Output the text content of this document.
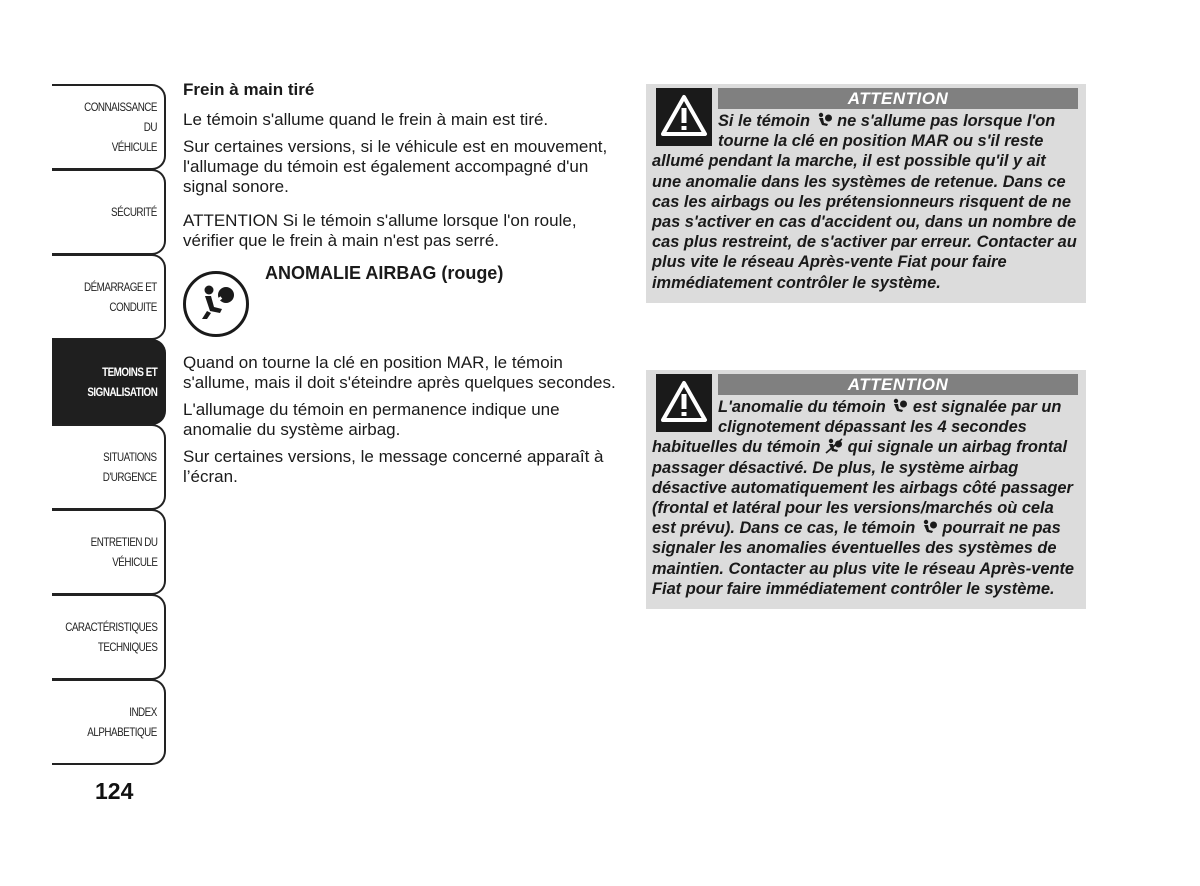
CONNAISSANCE DU
VÉHICULE
SÉCURITÉ
DÉMARRAGE ET
CONDUITE
TEMOINS ET
SIGNALISATION
SITUATIONS
D'URGENCE
ENTRETIEN DU
VÉHICULE
CARACTÉRISTIQUES
TECHNIQUES
INDEX
ALPHABETIQUE
124

Frein à main tiré

Le témoin s'allume quand le frein à main est tiré.

Sur certaines versions, si le véhicule est en mouvement, l'allumage du témoin est également accompagné d'un signal sonore.

ATTENTION Si le témoin s'allume lorsque l'on roule, vérifier que le frein à main n'est pas serré.

ANOMALIE AIRBAG (rouge)

Quand on tourne la clé en position MAR, le témoin s'allume, mais il doit s'éteindre après quelques secondes.

L'allumage du témoin en permanence indique une anomalie du système airbag.

Sur certaines versions, le message concerné apparaît à l’écran.

ATTENTION
Si le témoin  ne s'allume pas lorsque l'on tourne la clé en position MAR ou s'il reste allumé pendant la marche, il est possible qu'il y ait une anomalie dans les systèmes de retenue. Dans ce cas les airbags ou les prétensionneurs risquent de ne pas s'activer en cas d'accident ou, dans un nombre de cas plus restreint, de s'activer par erreur. Contacter au plus vite le réseau Après-vente Fiat pour faire immédiatement contrôler le système.
ATTENTION
L'anomalie du témoin  est signalée par un clignotement dépassant les 4 secondes habituelles du témoin  qui signale un airbag frontal passager désactivé. De plus, le système airbag désactive automatiquement les airbags côté passager (frontal et latéral pour les versions/marchés où cela est prévu). Dans ce cas, le témoin  pourrait ne pas signaler les anomalies éventuelles des systèmes de maintien. Contacter au plus vite le réseau Après-vente Fiat pour faire immédiatement contrôler le système.
